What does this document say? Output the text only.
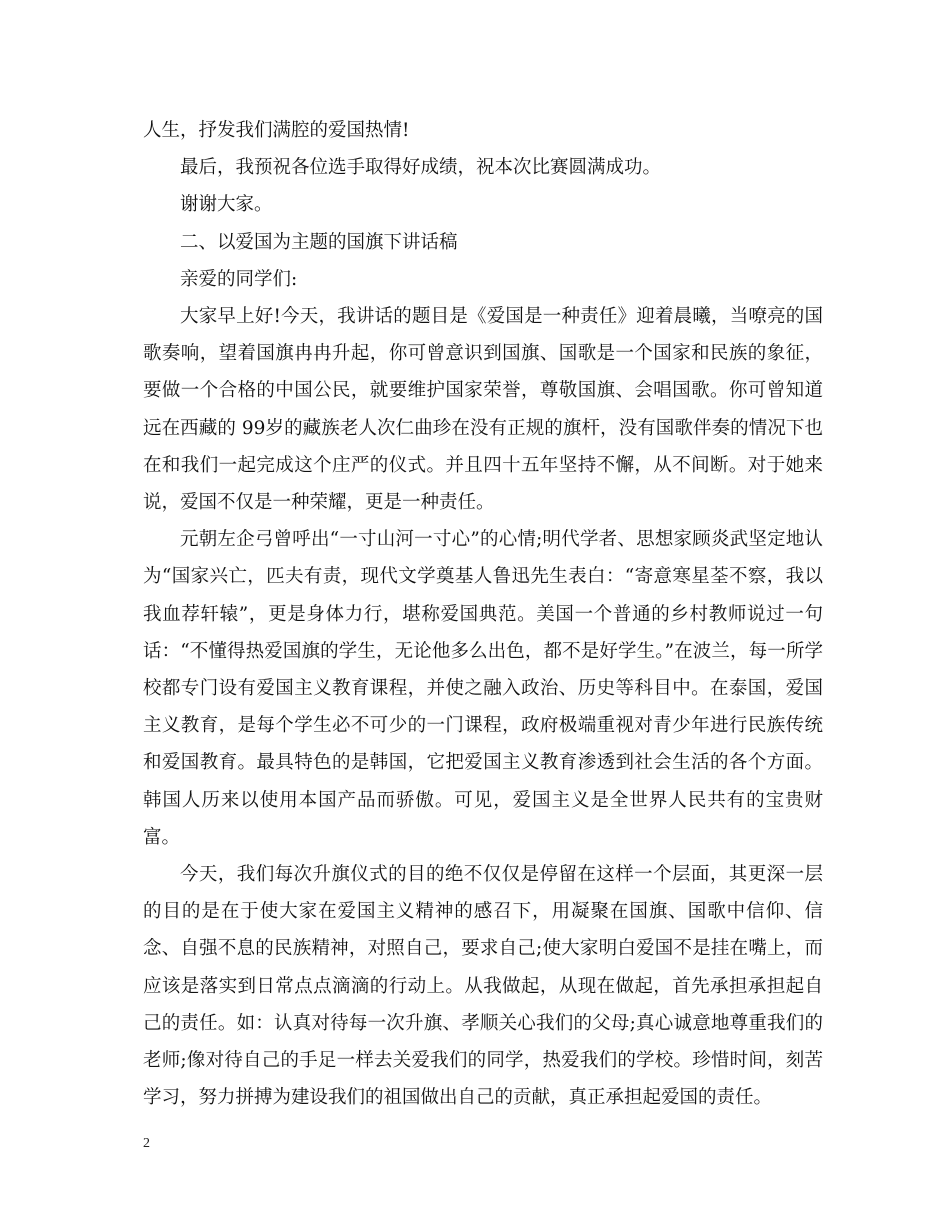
人生，抒发我们满腔的爱国热情!

最后，我预祝各位选手取得好成绩，祝本次比赛圆满成功。

谢谢大家。

二、以爱国为主题的国旗下讲话稿

亲爱的同学们:

大家早上好!今天，我讲话的题目是《爱国是一种责任》迎着晨曦，当嘹亮的国歌奏响，望着国旗冉冉升起，你可曾意识到国旗、国歌是一个国家和民族的象征，要做一个合格的中国公民，就要维护国家荣誉，尊敬国旗、会唱国歌。你可曾知道远在西藏的 99岁的藏族老人次仁曲珍在没有正规的旗杆，没有国歌伴奏的情况下也在和我们一起完成这个庄严的仪式。并且四十五年坚持不懈，从不间断。对于她来说，爱国不仅是一种荣耀，更是一种责任。

元朝左企弓曾呼出“一寸山河一寸心”的心情;明代学者、思想家顾炎武坚定地认为“国家兴亡，匹夫有责，现代文学奠基人鲁迅先生表白：“寄意寒星荃不察，我以我血荐轩辕”，更是身体力行，堪称爱国典范。美国一个普通的乡村教师说过一句话：“不懂得热爱国旗的学生，无论他多么出色，都不是好学生。”在波兰，每一所学校都专门设有爱国主义教育课程，并使之融入政治、历史等科目中。在泰国，爱国主义教育，是每个学生必不可少的一门课程，政府极端重视对青少年进行民族传统和爱国教育。最具特色的是韩国，它把爱国主义教育渗透到社会生活的各个方面。韩国人历来以使用本国产品而骄傲。可见，爱国主义是全世界人民共有的宝贵财富。

今天，我们每次升旗仪式的目的绝不仅仅是停留在这样一个层面，其更深一层的目的是在于使大家在爱国主义精神的感召下，用凝聚在国旗、国歌中信仰、信念、自强不息的民族精神，对照自己，要求自己;使大家明白爱国不是挂在嘴上，而应该是落实到日常点点滴滴的行动上。从我做起，从现在做起，首先承担承担起自己的责任。如：认真对待每一次升旗、孝顺关心我们的父母;真心诚意地尊重我们的老师;像对待自己的手足一样去关爱我们的同学，热爱我们的学校。珍惜时间，刻苦学习，努力拼搏为建设我们的祖国做出自己的贡献，真正承担起爱国的责任。

2
